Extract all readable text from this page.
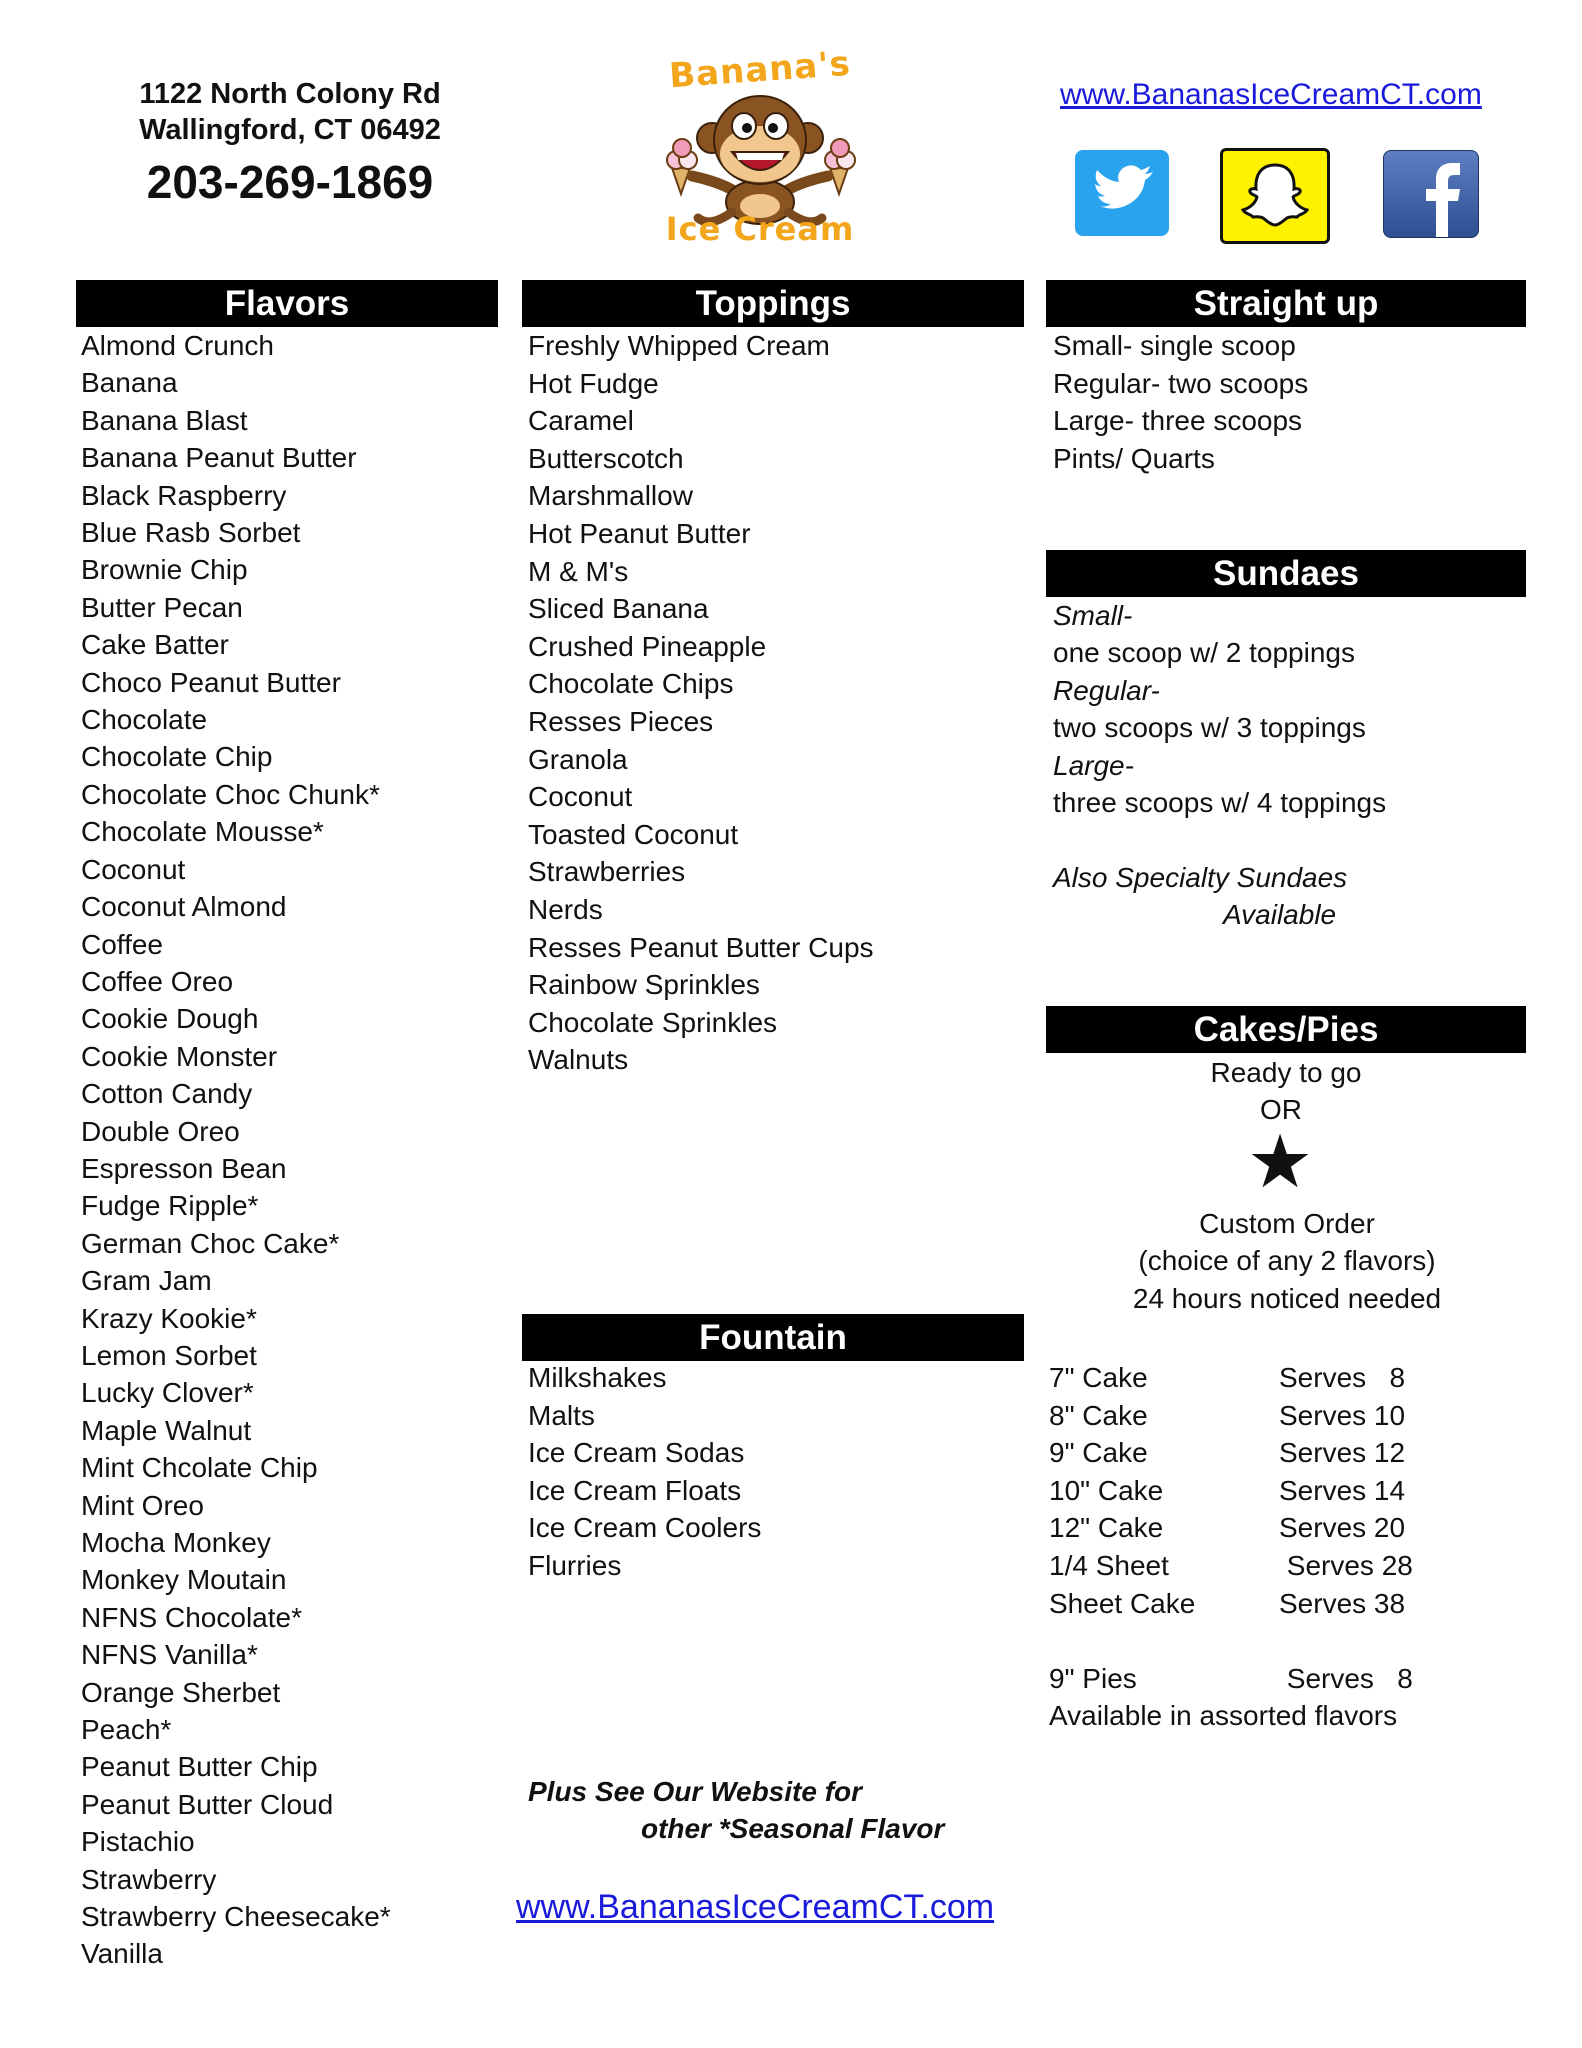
1122 North Colony Rd
Wallingford, CT 06492
203-269-1869
Banana's
Ice Cream
www.BananasIceCreamCT.com
Flavors
Almond Crunch
Banana
Banana Blast
Banana Peanut Butter
Black Raspberry
Blue Rasb Sorbet
Brownie Chip
Butter Pecan
Cake Batter
Choco Peanut Butter
Chocolate
Chocolate Chip
Chocolate Choc Chunk*
Chocolate Mousse*
Coconut
Coconut Almond
Coffee
Coffee Oreo
Cookie Dough
Cookie Monster
Cotton Candy
Double Oreo
Espresson Bean
Fudge Ripple*
German Choc Cake*
Gram Jam
Krazy Kookie*
Lemon Sorbet
Lucky Clover*
Maple Walnut
Mint Chcolate Chip
Mint Oreo
Mocha Monkey
Monkey Moutain
NFNS Chocolate*
NFNS Vanilla*
Orange Sherbet
Peach*
Peanut Butter Chip
Peanut Butter Cloud
Pistachio
Strawberry
Strawberry Cheesecake*
Vanilla
Toppings
Freshly Whipped Cream
Hot Fudge
Caramel
Butterscotch
Marshmallow
Hot Peanut Butter
M & M's
Sliced Banana
Crushed Pineapple
Chocolate Chips
Resses Pieces
Granola
Coconut
Toasted Coconut
Strawberries
Nerds
Resses Peanut Butter Cups
Rainbow Sprinkles
Chocolate Sprinkles
Walnuts
Fountain
Milkshakes
Malts
Ice Cream Sodas
Ice Cream Floats
Ice Cream Coolers
Flurries
Plus See Our Website for
other *Seasonal Flavor
www.BananasIceCreamCT.com
Straight up
Small- single scoop
Regular- two scoops
Large- three scoops
Pints/ Quarts
Sundaes
Small-
one scoop w/ 2 toppings
Regular-
two scoops w/ 3 toppings
Large-
three scoops w/ 4 toppings
Also Specialty Sundaes
Available
Cakes/Pies
Ready to go
OR
★
Custom Order
(choice of any 2 flavors)
24 hours noticed needed
7" Cake	Serves   8
8" Cake	Serves 10
9" Cake	Serves 12
10" Cake	Serves 14
12" Cake	Serves 20
1/4 Sheet	Serves 28
Sheet Cake	Serves 38
9" Pies	Serves   8
Available in assorted flavors
